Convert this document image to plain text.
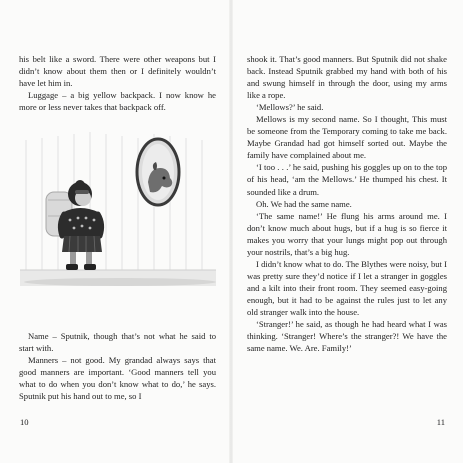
his belt like a sword. There were other weapons but I didn’t know about them then or I definitely wouldn’t have let him in.

Luggage – a big yellow backpack. I now know he more or less never takes that backpack off.

Name – Sputnik, though that’s not what he said to start with.

Manners – not good. My grandad always says that good manners are important. ‘Good manners tell you what to do when you don’t know what to do,’ he says. Sputnik put his hand out to me, so I

10

shook it. That’s good manners. But Sputnik did not shake back. Instead Sputnik grabbed my hand with both of his and swung himself in through the door, using my arms like a rope.

‘Mellows?’ he said.

Mellows is my second name. So I thought, This must be someone from the Temporary coming to take me back. Maybe Grandad had got himself sorted out. Maybe the family have complained about me.

‘I too . . .’ he said, pushing his goggles up on to the top of his head, ‘am the Mellows.’ He thumped his chest. It sounded like a drum.

Oh. We had the same name.

‘The same name!’ He flung his arms around me. I don’t know much about hugs, but if a hug is so fierce it makes you worry that your lungs might pop out through your nostrils, that’s a big hug.

I didn’t know what to do. The Blythes were noisy, but I was pretty sure they’d notice if I let a stranger in goggles and a kilt into their front room. They seemed easy-going enough, but it had to be against the rules just to let any old stranger walk into the house.

‘Stranger!’ he said, as though he had heard what I was thinking. ‘Stranger! Where’s the stranger?! We have the same name. We. Are. Family!’

11
